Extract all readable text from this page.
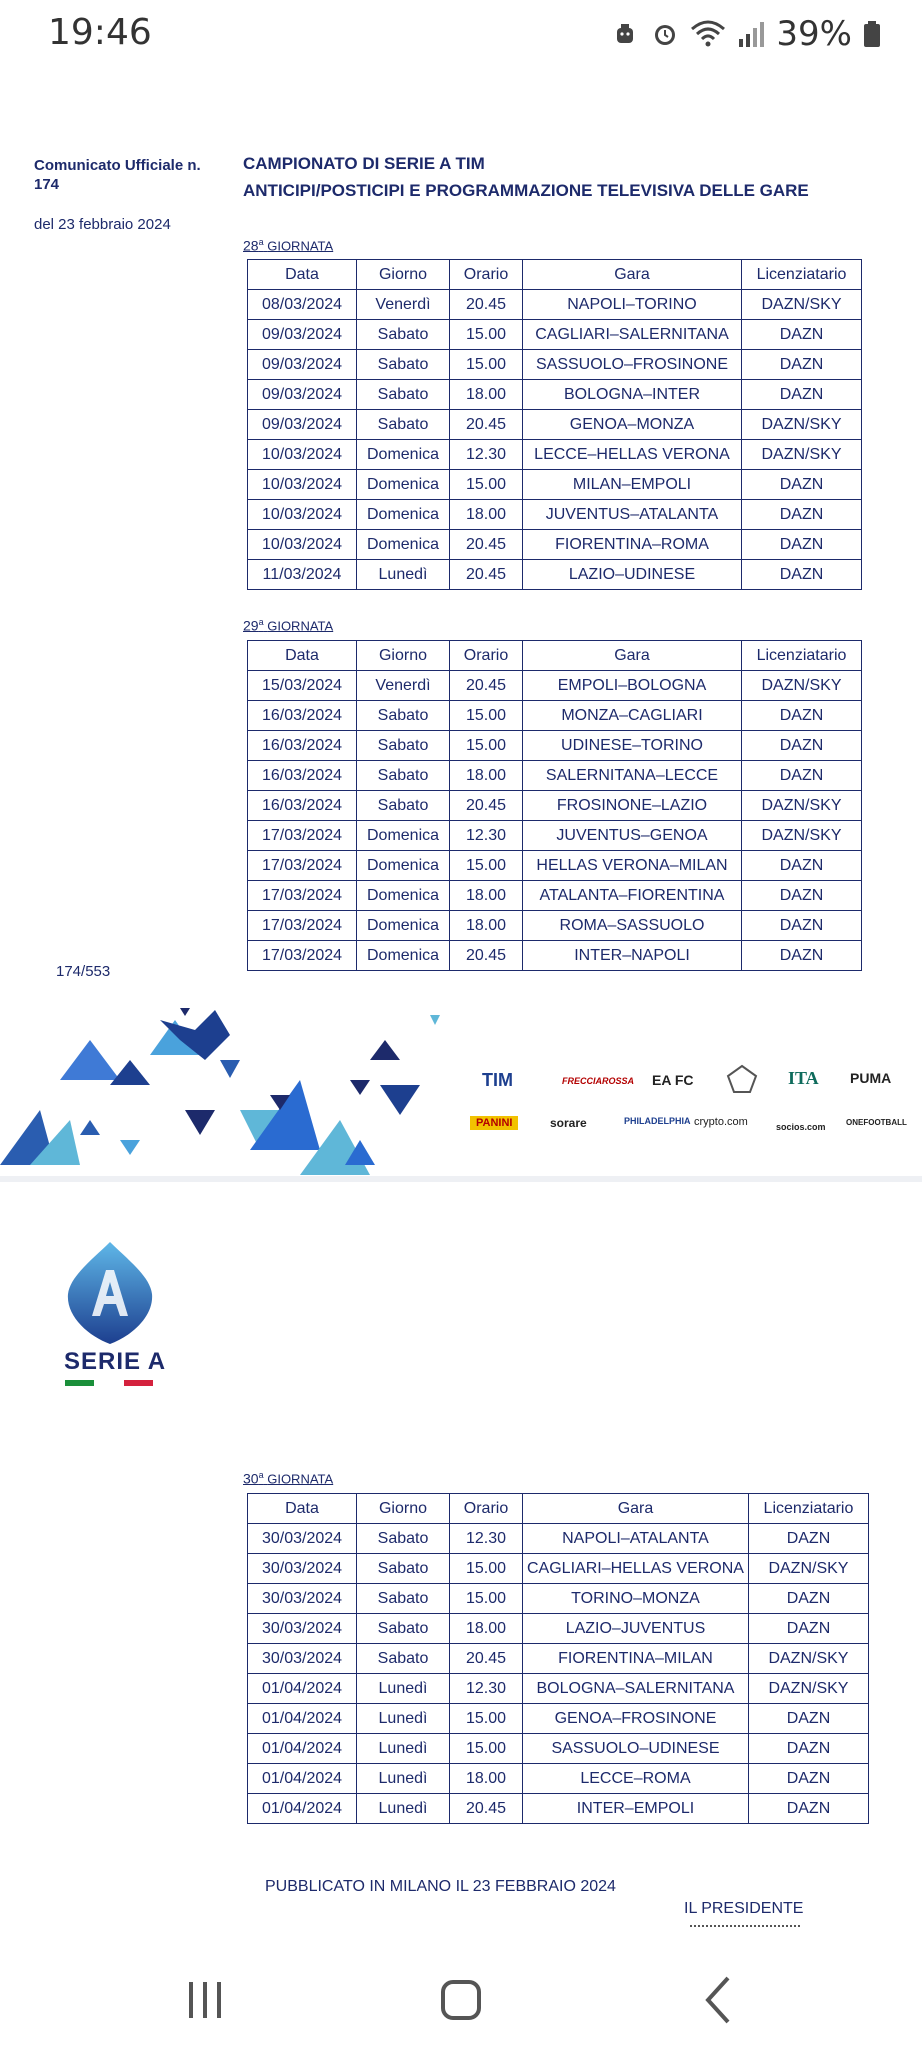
19:46	39%
Comunicato Ufficiale n. 174
del 23 febbraio 2024
174/553
CAMPIONATO DI SERIE A TIM
ANTICIPI/POSTICIPI E PROGRAMMAZIONE TELEVISIVA DELLE GARE
28$^a$ GIORNATA
29$^a$ GIORNATA
30$^a$ GIORNATA
Data	Giorno	Orario	Gara	Licenziatario
08/03/2024	Venerdì	20.45	NAPOLI–TORINO	DAZN/SKY
09/03/2024	Sabato	15.00	CAGLIARI–SALERNITANA	DAZN
09/03/2024	Sabato	15.00	SASSUOLO–FROSINONE	DAZN
09/03/2024	Sabato	18.00	BOLOGNA–INTER	DAZN
09/03/2024	Sabato	20.45	GENOA–MONZA	DAZN/SKY
10/03/2024	Domenica	12.30	LECCE–HELLAS VERONA	DAZN/SKY
10/03/2024	Domenica	15.00	MILAN–EMPOLI	DAZN
10/03/2024	Domenica	18.00	JUVENTUS–ATALANTA	DAZN
10/03/2024	Domenica	20.45	FIORENTINA–ROMA	DAZN
11/03/2024	Lunedì	20.45	LAZIO–UDINESE	DAZN
Data	Giorno	Orario	Gara	Licenziatario
15/03/2024	Venerdì	20.45	EMPOLI–BOLOGNA	DAZN/SKY
16/03/2024	Sabato	15.00	MONZA–CAGLIARI	DAZN
16/03/2024	Sabato	15.00	UDINESE–TORINO	DAZN
16/03/2024	Sabato	18.00	SALERNITANA–LECCE	DAZN
16/03/2024	Sabato	20.45	FROSINONE–LAZIO	DAZN/SKY
17/03/2024	Domenica	12.30	JUVENTUS–GENOA	DAZN/SKY
17/03/2024	Domenica	15.00	HELLAS VERONA–MILAN	DAZN
17/03/2024	Domenica	18.00	ATALANTA–FIORENTINA	DAZN
17/03/2024	Domenica	18.00	ROMA–SASSUOLO	DAZN
17/03/2024	Domenica	20.45	INTER–NAPOLI	DAZN
Data	Giorno	Orario	Gara	Licenziatario
30/03/2024	Sabato	12.30	NAPOLI–ATALANTA	DAZN
30/03/2024	Sabato	15.00	CAGLIARI–HELLAS VERONA	DAZN/SKY
30/03/2024	Sabato	15.00	TORINO–MONZA	DAZN
30/03/2024	Sabato	18.00	LAZIO–JUVENTUS	DAZN
30/03/2024	Sabato	20.45	FIORENTINA–MILAN	DAZN/SKY
01/04/2024	Lunedì	12.30	BOLOGNA–SALERNITANA	DAZN/SKY
01/04/2024	Lunedì	15.00	GENOA–FROSINONE	DAZN
01/04/2024	Lunedì	15.00	SASSUOLO–UDINESE	DAZN
01/04/2024	Lunedì	18.00	LECCE–ROMA	DAZN
01/04/2024	Lunedì	20.45	INTER–EMPOLI	DAZN
TIM	FRECCIAROSSA EA FC	ITA PUMA
PANINI	sorare	PHILADELPHIA crypto.com	socios.com	ONEFOOTBALL
SERIE A
PUBBLICATO IN MILANO IL 23 FEBBRAIO 2024
IL PRESIDENTE
